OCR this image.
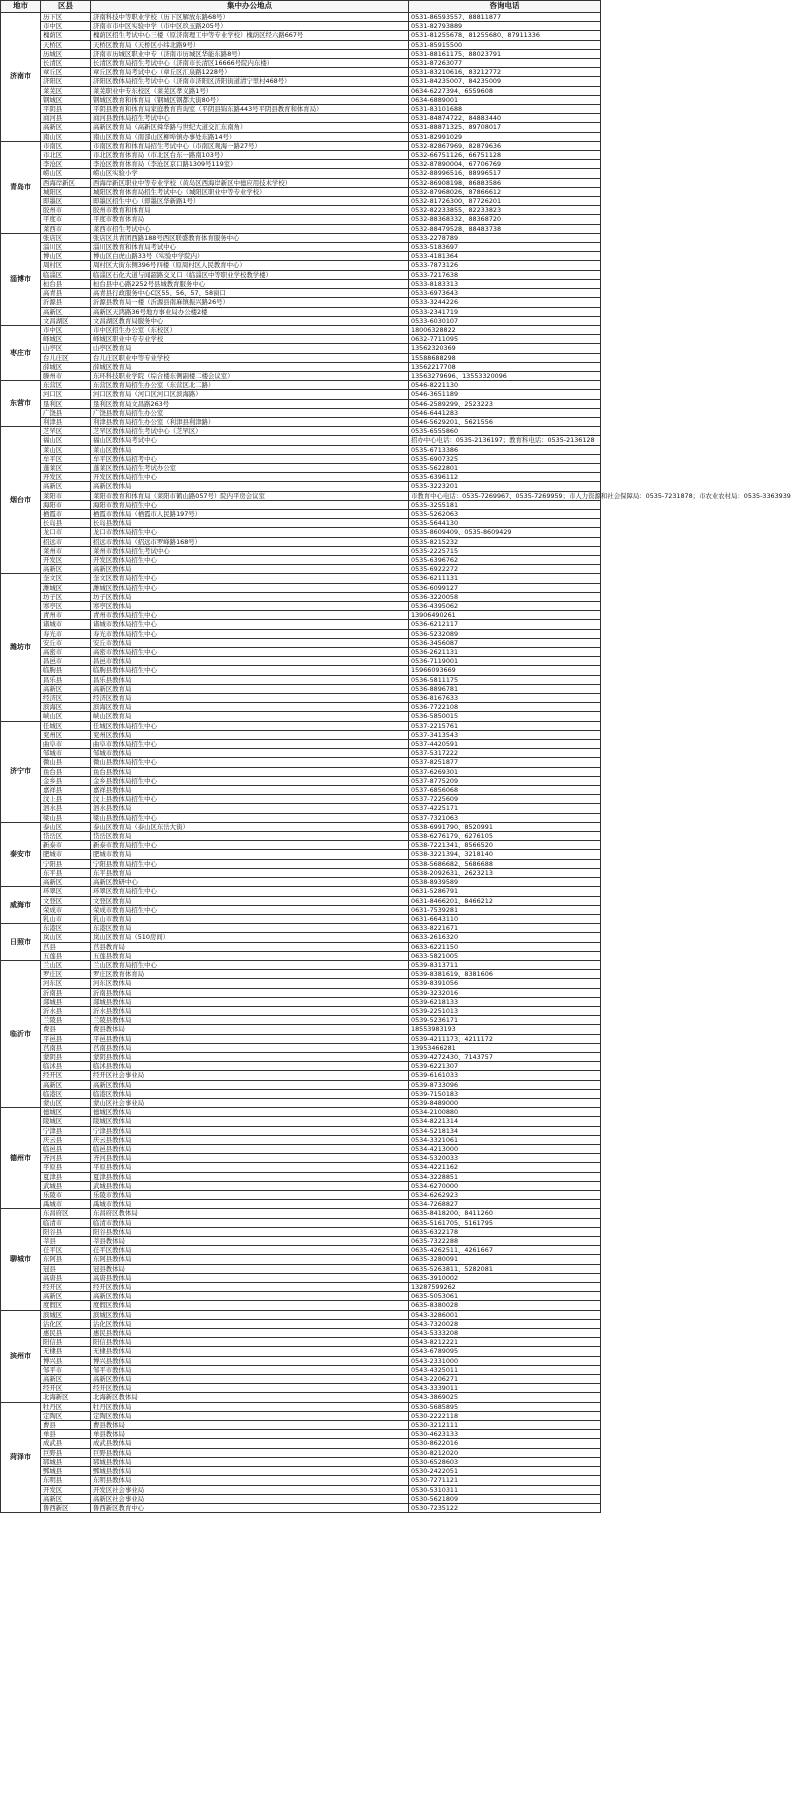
地市	区县	集中办公地点	咨询电话
济南市	历下区	济南科技中等职业学校（历下区解放东路68号）	0531-86593557、88811877
	市中区	济南市市中区实验中学（市中区玖玉路205号）	0531-82793889
	槐荫区	槐荫区招生考试中心三楼（原济南理工中等专业学校）槐荫区经六路667号	0531-81255678、81255680、87911336
	天桥区	天桥区教育局（天桥区小纬北路9号）	0531-85915500
	历城区	济南市历城区职业中专（济南市历城区华能东路8号）	0531-88161175、88023791
	长清区	长清区教育局招生考试中心（济南市长清区16666号院内东楼）	0531-87263077
	章丘区	章丘区教育局考试中心（章丘区汇泉路1228号）	0531-83210616、83212772
	济阳区	济阳区教体局招生考试中心（济南市济阳区济阳街道清宁里村468号）	0531-84235007、84235009
	莱芜区	莱芜职业中专东校区（莱芜区孝义路1号）	0634-6227394、6559608
	钢城区	钢城区教育和体育局（钢城区钢都大街80号）	0634-6889001
	平阴县	平阴县教育和体育局家庭教育咨询室（平阴县锦东路443号平阴县教育和体育局）	0531-83101688
	商河县	商河县教体局招生考试中心	0531-84874722、84883440
	高新区	高新区教育局（高新区舜华路与世纪大道交汇东南角）	0531-88871325、89708017
	南山区	南山区教育局（南部山区柳埠镇办事处东路14号）	0531-82991029
青岛市	市南区	市南区教育和体育局招生考试中心（市南区观海一路27号）	0532-82867969、82879636
	市北区	市北区教育体育局（市北区台东一路南103号）	0532-66751126、66751128
	李沧区	李沧区教育体育局（李沧区京口路1309号119室）	0532-87890004、67706769
	崂山区	崂山区实验小学	0532-88996516、88996517
	西海岸新区	西海岸新区职业中等专业学校（黄岛区西海岸新区中德应用技术学校）	0532-86908198、86883586
	城阳区	城阳区教育体育局招生考试中心（城阳区职业中等专业学校）	0532-87968026、87866612
	即墨区	即墨区招生中心（即墨区华新路1号）	0532-81726300、87726201
	胶州市	胶州市教育和体育局	0532-82233855、82233823
	平度市	平度市教育体育局	0532-88368332、88368720
	莱西市	莱西市招生考试中心	0532-88479528、88483738
淄博市	张店区	张店区共青团西路188号西区联盛教育体育服务中心	0533-2278789
	淄川区	淄川区教育和体育局考试中心	0533-5183697
	博山区	博山区白虎山路33号（实验中学院内）	0533-4181364
	周村区	周村区大街东侧396号四楼（原周村区人民教育中心）	0533-7873126
	临淄区	临淄区石化大道与闻韶路交叉口（临淄区中等职业学校教学楼）	0533-7217638
	桓台县	桓台县中心路2252号县城教育服务中心	0533-8183313
	高青县	高青县行政服务中心C区55、56、57、58窗口	0533-6973643
	沂源县	沂源县教育局一楼（沂源县南麻镇振兴路26号）	0533-3244226
	高新区	高新区天鸿路36号地方事业局办公楼2楼	0533-2341719
	文昌湖区	文昌湖区教育局服务中心	0533-6030107
枣庄市	市中区	市中区招生办公室（东校区）	18006328822
	峄城区	峄城区职业中专专业学校	0632-7711095
	山亭区	山亭区教育局	13562320369
	台儿庄区	台儿庄区职业中等专业学校	15588688298
	薛城区	薛城区教育局	13562217708
	滕州市	东环科技职业学院（综合楼东侧副楼二楼会议室）	13563279696、13553320096
东营市	东营区	东营区教育局招生办公室（东营区北二路）	0546-8221130
	河口区	河口区教育局（河口区河口区滨海路）	0546-3651189
	垦利区	垦利区教育局文昌路263号	0546-2589299、2523223
	广饶县	广饶县教育局招生办公室	0546-6441283
	利津县	利津县教育局招生办公室（利津县利津路）	0546-5629201、5621556
烟台市	芝罘区	芝罘区教体局招生考试中心（芝罘区）	0535-6555860
	福山区	福山区教体局考试中心	招办中心电话：0535-2136197；教育科电话：0535-2136128
	莱山区	莱山区教体局	0535-6713386
	牟平区	牟平区教体局招考中心	0535-6907325
	蓬莱区	蓬莱区教体局招生考试办公室	0535-5622801
	开发区	开发区教体局招生中心	0535-6396112
	高新区	高新区教体局	0535-3223201
	莱阳市	莱阳市教育和体育局（莱阳市鹤山路057号）院内平房会议室	市教育中心电话：0535-7269967、0535-7269959；市人力资源和社会保障局：0535-7231878；市农业农村局：0535-3363939
	海阳市	海阳市教育局招生中心	0535-3255181
	栖霞市	栖霞市教体局（栖霞市人民路197号）	0535-5262063
	长岛县	长岛县教体局	0535-5644130
	龙口市	龙口市教体局招生中心	0535-8609409、0535-8609429
	招远市	招远市教体局（招远市罗峰路168号）	0535-8215232
	莱州市	莱州市教体局招生考试中心	0535-2225715
	开发区	开发区教体局招生中心	0535-6396762
	高新区	高新区教体局	0535-6922272
潍坊市	奎文区	奎文区教育局招生中心	0536-6211131
	潍城区	潍城区教体局招生中心	0536-6099127
	坊子区	坊子区教体局	0536-3220058
	寒亭区	寒亭区教体局	0536-4395062
	青州市	青州市教体局招生中心	13906490261
	诸城市	诸城市教体局招生中心	0536-6212117
	寿光市	寿光市教体局招生中心	0536-5232089
	安丘市	安丘市教体局	0536-3456087
	高密市	高密市教体局招生中心	0536-2621131
	昌邑市	昌邑市教体局	0536-7119001
	临朐县	临朐县教体局招生中心	15966093669
	昌乐县	昌乐县教体局	0536-5811175
	高新区	高新区教育局	0536-8896781
	经济区	经济区教育局	0536-8167633
	滨海区	滨海区教育局	0536-7722108
	峡山区	峡山区教育局	0536-5850015
济宁市	任城区	任城区教体局招生中心	0537-2215761
	兖州区	兖州区教体局	0537-3413543
	曲阜市	曲阜市教体局招生中心	0537-4420591
	邹城市	邹城市教体局	0537-5317222
	微山县	微山县教体局招生中心	0537-8251877
	鱼台县	鱼台县教体局	0537-6269301
	金乡县	金乡县教体局招生中心	0537-8775209
	嘉祥县	嘉祥县教体局	0537-6856068
	汶上县	汶上县教体局招生中心	0537-7225609
	泗水县	泗水县教体局	0537-4225171
	梁山县	梁山县教体局招生中心	0537-7321063
泰安市	泰山区	泰山区教育局（泰山区东岳大街）	0538-6991790、8520991
	岱岳区	岱岳区教育局	0538-6276179、6276105
	新泰市	新泰市教育局招生中心	0538-7221341、8566520
	肥城市	肥城市教育局	0538-3221394、3218140
	宁阳县	宁阳县教育局招生中心	0538-5686682、5686688
	东平县	东平县教育局	0538-2092631、2623213
	高新区	高新区教研中心	0538-8939589
威海市	环翠区	环翠区教育局招生中心	0631-5286791
	文登区	文登区教育局	0631-8466201、8466212
	荣成市	荣成市教育局招生中心	0631-7539281
	乳山市	乳山市教育局	0631-6643110
日照市	东港区	东港区教育局	0633-8221671
	岚山区	岚山区教育局（510房间）	0633-2616320
	莒县	莒县教育局	0633-6221150
	五莲县	五莲县教育局	0633-5821005
临沂市	兰山区	兰山区教育局招生中心	0539-8313711
	罗庄区	罗庄区教育体育局	0539-8381619、8381606
	河东区	河东区教体局	0539-8391056
	沂南县	沂南县教体局	0539-3232016
	郯城县	郯城县教体局	0539-6218133
	沂水县	沂水县教体局	0539-2251013
	兰陵县	兰陵县教体局	0539-5236171
	费县	费县教体局	18553983193
	平邑县	平邑县教体局	0539-4211173、4211172
	莒南县	莒南县教体局	13953466281
	蒙阴县	蒙阴县教体局	0539-4272430、7143757
	临沭县	临沭县教体局	0539-6221307
	经开区	经开区社会事业局	0539-6161033
	高新区	高新区教体局	0539-8733096
	临港区	临港区教体局	0539-7150183
	蒙山区	蒙山区社会事业局	0539-8489000
德州市	德城区	德城区教体局	0534-2100880
	陵城区	陵城区教体局	0534-8221314
	宁津县	宁津县教体局	0534-5218134
	庆云县	庆云县教体局	0534-3321061
	临邑县	临邑县教体局	0534-4213000
	齐河县	齐河县教体局	0534-5320033
	平原县	平原县教体局	0534-4221162
	夏津县	夏津县教体局	0534-3228851
	武城县	武城县教体局	0534-6270000
	乐陵市	乐陵市教体局	0534-6262923
	禹城市	禹城市教体局	0534-7268827
聊城市	东昌府区	东昌府区教体局	0635-8418200、8411260
	临清市	临清市教体局	0635-5161705、5161795
	阳谷县	阳谷县教体局	0635-6322178
	莘县	莘县教体局	0635-7322288
	茌平区	茌平区教体局	0635-4262511、4261667
	东阿县	东阿县教体局	0635-3280091
	冠县	冠县教体局	0635-5263811、5282081
	高唐县	高唐县教体局	0635-3910002
	经开区	经开区教体局	13287599262
	高新区	高新区教体局	0635-5053061
	度假区	度假区教体局	0635-8380028
滨州市	滨城区	滨城区教体局	0543-3286001
	沾化区	沾化区教体局	0543-7320028
	惠民县	惠民县教体局	0543-5333208
	阳信县	阳信县教体局	0543-8212221
	无棣县	无棣县教体局	0543-6789095
	博兴县	博兴县教体局	0543-2331000
	邹平市	邹平市教体局	0543-4325011
	高新区	高新区教体局	0543-2206271
	经开区	经开区教体局	0543-3339011
	北海新区	北海新区教体局	0543-3869025
菏泽市	牡丹区	牡丹区教体局	0530-5685895
	定陶区	定陶区教体局	0530-2222118
	曹县	曹县教体局	0530-3212111
	单县	单县教体局	0530-4623133
	成武县	成武县教体局	0530-8622016
	巨野县	巨野县教体局	0530-8212020
	郓城县	郓城县教体局	0530-6528603
	鄄城县	鄄城县教体局	0530-2422051
	东明县	东明县教体局	0530-7271121
	开发区	开发区社会事业局	0530-5310311
	高新区	高新区社会事业局	0530-5621809
	鲁西新区	鲁西新区教育中心	0530-7235122
